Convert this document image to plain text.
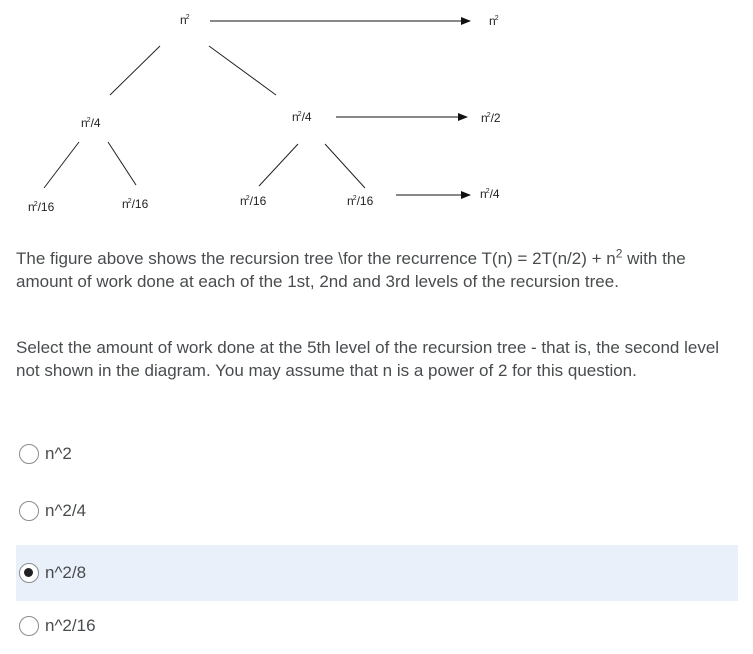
$n^2$
$n^2/4$	$n^2/4$
$n^2/16$	$n^2/16$	$n^2/16$	$n^2/16$
$n^2$
$n^2/2$
$n^2/4$
The figure above shows the recursion tree \for the recurrence $T(n) = 2T(n/2) + n^2$ with the amount of work done at each of the 1st, 2nd and 3rd levels of the recursion tree.
Select the amount of work done at the 5th level of the recursion tree - that is, the second level not shown in the diagram. You may assume that n is a power of 2 for this question.
n^2
n^2/4
n^2/8
n^2/16
